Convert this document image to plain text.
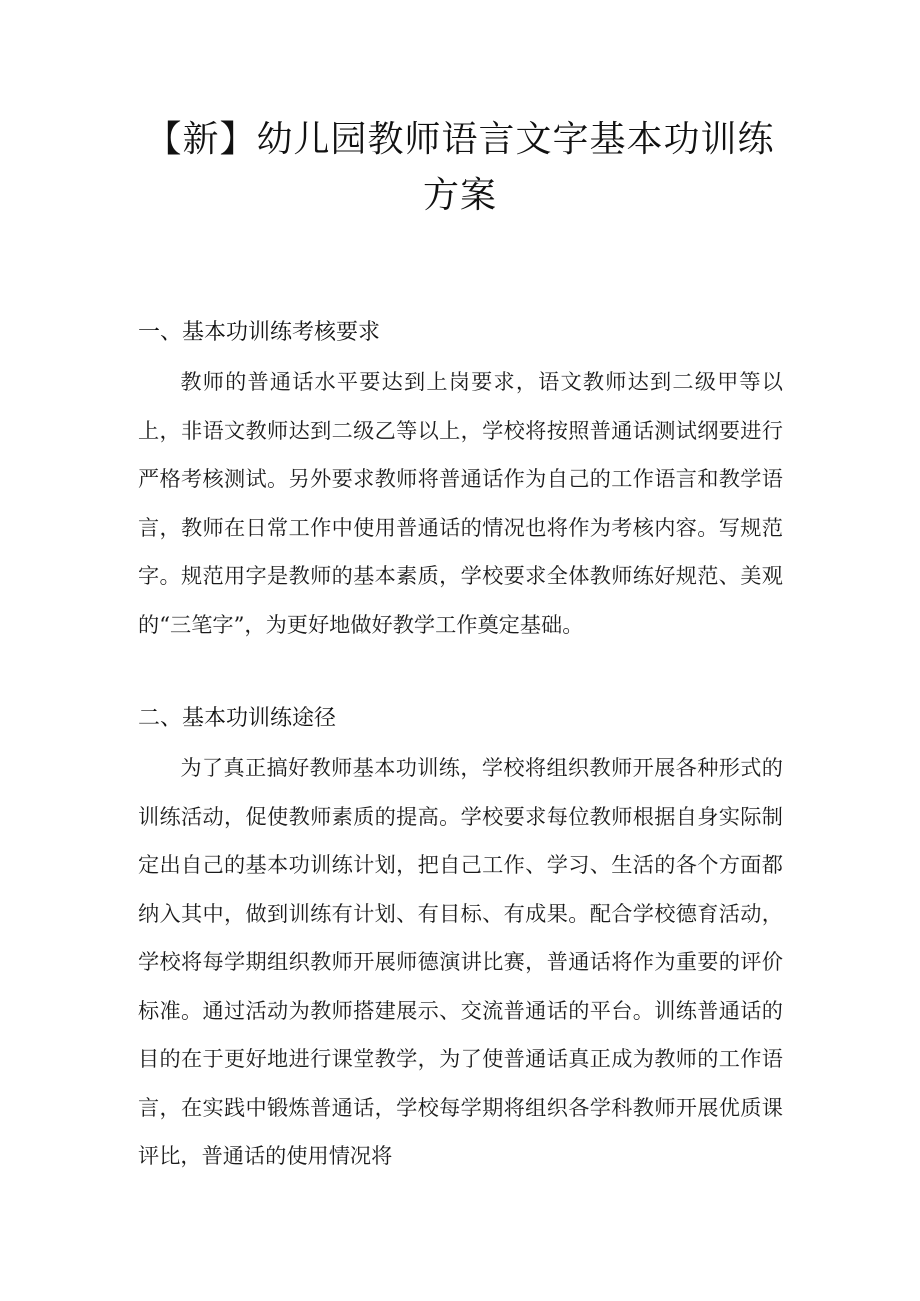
【新】幼儿园教师语言文字基本功训练
方案
一、基本功训练考核要求

教师的普通话水平要达到上岗要求，语文教师达到二级甲等以上，非语文教师达到二级乙等以上，学校将按照普通话测试纲要进行严格考核测试。另外要求教师将普通话作为自己的工作语言和教学语言，教师在日常工作中使用普通话的情况也将作为考核内容。写规范字。规范用字是教师的基本素质，学校要求全体教师练好规范、美观的“三笔字”，为更好地做好教学工作奠定基础。

二、基本功训练途径

为了真正搞好教师基本功训练，学校将组织教师开展各种形式的训练活动，促使教师素质的提高。学校要求每位教师根据自身实际制定出自己的基本功训练计划，把自己工作、学习、生活的各个方面都纳入其中，做到训练有计划、有目标、有成果。配合学校德育活动，学校将每学期组织教师开展师德演讲比赛，普通话将作为重要的评价标准。通过活动为教师搭建展示、交流普通话的平台。训练普通话的目的在于更好地进行课堂教学，为了使普通话真正成为教师的工作语言，在实践中锻炼普通话，学校每学期将组织各学科教师开展优质课评比，普通话的使用情况将
